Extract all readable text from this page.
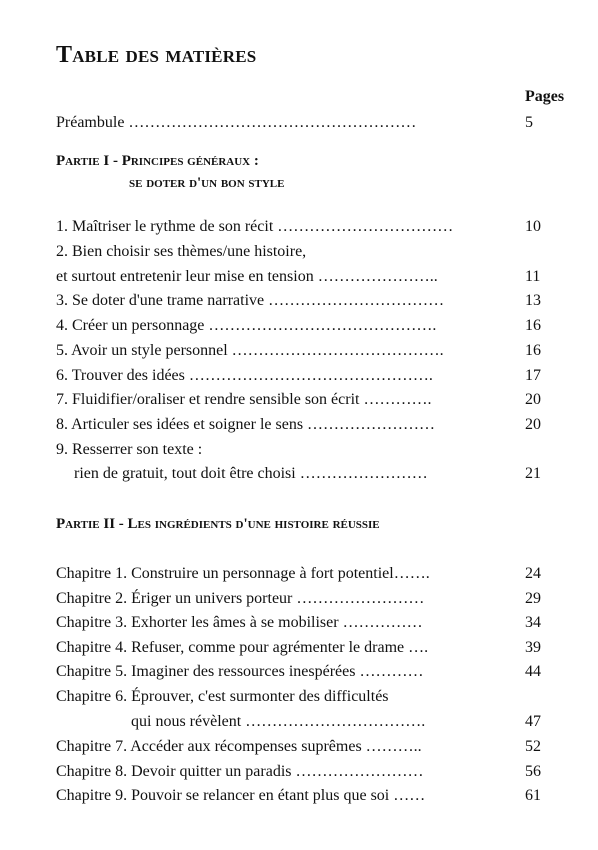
Table des matières
Pages
Préambule ………………………………………………	5
Partie I - Principes généraux :
se doter d'un bon style
1. Maîtriser le rythme de son récit ……………………………	10
2. Bien choisir ses thèmes/une histoire,
et surtout entretenir leur mise en tension …………………..	11
3. Se doter d'une trame narrative ……………………………	13
4. Créer un personnage …………………………………….	16
5. Avoir un style personnel ………………………………….	16
6. Trouver des idées ……………………………………….	17
7. Fluidifier/oraliser et rendre sensible son écrit ………….	20
8. Articuler ses idées et soigner le sens ……………………	20
9. Resserrer son texte :
rien de gratuit, tout doit être choisi ……………………	21
Partie II - Les ingrédients d'une histoire réussie
Chapitre 1. Construire un personnage à fort potentiel…….	24
Chapitre 2. Ériger un univers porteur ……………………	29
Chapitre 3. Exhorter les âmes à se mobiliser ……………	34
Chapitre 4. Refuser, comme pour agrémenter le drame ….	39
Chapitre 5. Imaginer des ressources inespérées …………	44
Chapitre 6. Éprouver, c'est surmonter des difficultés
qui nous révèlent …………………………….	47
Chapitre 7. Accéder aux récompenses suprêmes ………..	52
Chapitre 8. Devoir quitter un paradis ……………………	56
Chapitre 9. Pouvoir se relancer en étant plus que soi ……	61
